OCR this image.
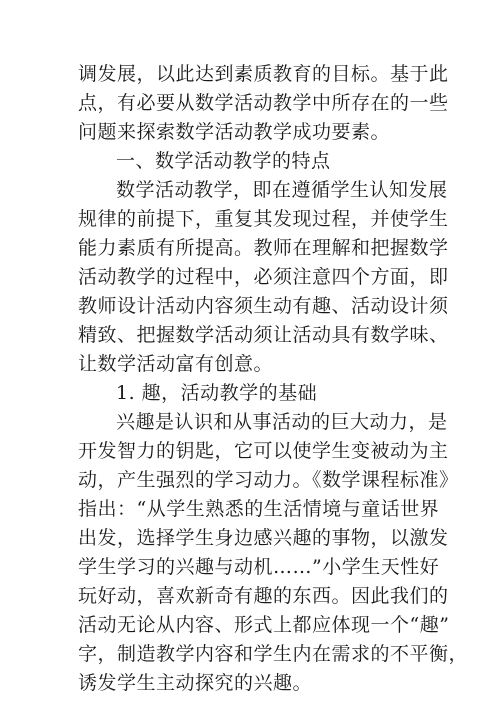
调发展，以此达到素质教育的目标。基于此
点，有必要从数学活动教学中所存在的一些
问题来探索数学活动教学成功要素。
一、数学活动教学的特点
数学活动教学，即在遵循学生认知发展
规律的前提下，重复其发现过程，并使学生
能力素质有所提高。教师在理解和把握数学
活动教学的过程中，必须注意四个方面，即
教师设计活动内容须生动有趣、活动设计须
精致、把握数学活动须让活动具有数学味、
让数学活动富有创意。
1. 趣，活动教学的基础
兴趣是认识和从事活动的巨大动力，是
开发智力的钥匙，它可以使学生变被动为主
动，产生强烈的学习动力。《数学课程标准》
指出：“从学生熟悉的生活情境与童话世界
出发，选择学生身边感兴趣的事物，以激发
学生学习的兴趣与动机……”小学生天性好
玩好动，喜欢新奇有趣的东西。因此我们的
活动无论从内容、形式上都应体现一个“趣”
字，制造教学内容和学生内在需求的不平衡，
诱发学生主动探究的兴趣。
